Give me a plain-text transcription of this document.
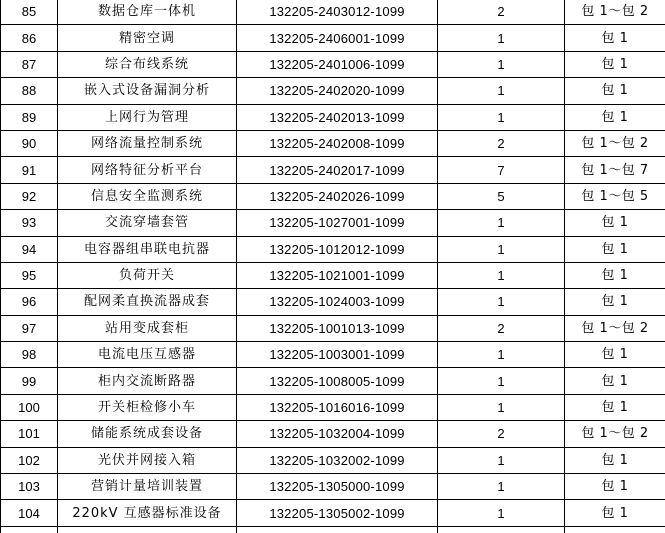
85	数据仓库一体机	132205-2403012-1099	2	包 1～包 2
86	精密空调	132205-2406001-1099	1	包 1
87	综合布线系统	132205-2401006-1099	1	包 1
88	嵌入式设备漏洞分析	132205-2402020-1099	1	包 1
89	上网行为管理	132205-2402013-1099	1	包 1
90	网络流量控制系统	132205-2402008-1099	2	包 1～包 2
91	网络特征分析平台	132205-2402017-1099	7	包 1～包 7
92	信息安全监测系统	132205-2402026-1099	5	包 1～包 5
93	交流穿墙套管	132205-1027001-1099	1	包 1
94	电容器组串联电抗器	132205-1012012-1099	1	包 1
95	负荷开关	132205-1021001-1099	1	包 1
96	配网柔直换流器成套	132205-1024003-1099	1	包 1
97	站用变成套柜	132205-1001013-1099	2	包 1～包 2
98	电流电压互感器	132205-1003001-1099	1	包 1
99	柜内交流断路器	132205-1008005-1099	1	包 1
100	开关柜检修小车	132205-1016016-1099	1	包 1
101	储能系统成套设备	132205-1032004-1099	2	包 1～包 2
102	光伏并网接入箱	132205-1032002-1099	1	包 1
103	营销计量培训装置	132205-1305000-1099	1	包 1
104	220kV 互感器标准设备	132205-1305002-1099	1	包 1
